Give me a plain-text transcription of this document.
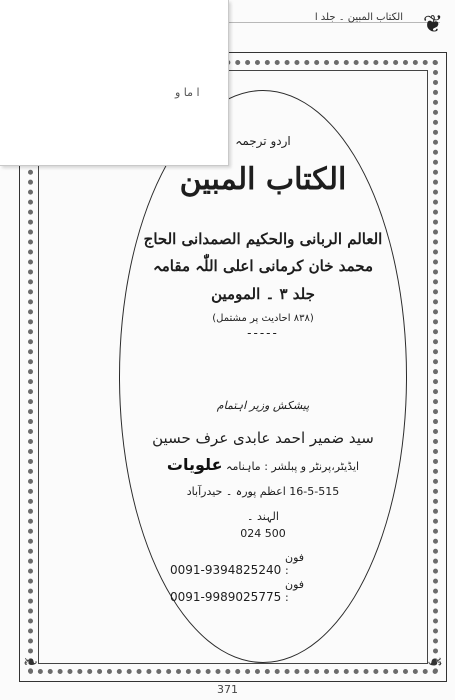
الکتاب المبین ۔ جلد ا ❦
ا ما و
اردو ترجمہ
الکتاب المبین
العالم الربانی والحکیم الصمدانی الحاج
محمد خان کرمانی اعلی اللّٰہ مقامہ
جلد ۳ ۔ المومین
(۸۳۸ احادیث پر مشتمل)
-----
پیشکش وزیر اہتمام
سید ضمیر احمد عابدی عرف حسین
ایڈیٹر،پرنٹر و پبلشر : ماہنامہ علویات
16-5-515 اعظم پورہ ۔ حیدرآباد
الہند ۔
500 024
0091-9394825240 فون :
0091-9989025775 فون :
❧	☙
371
